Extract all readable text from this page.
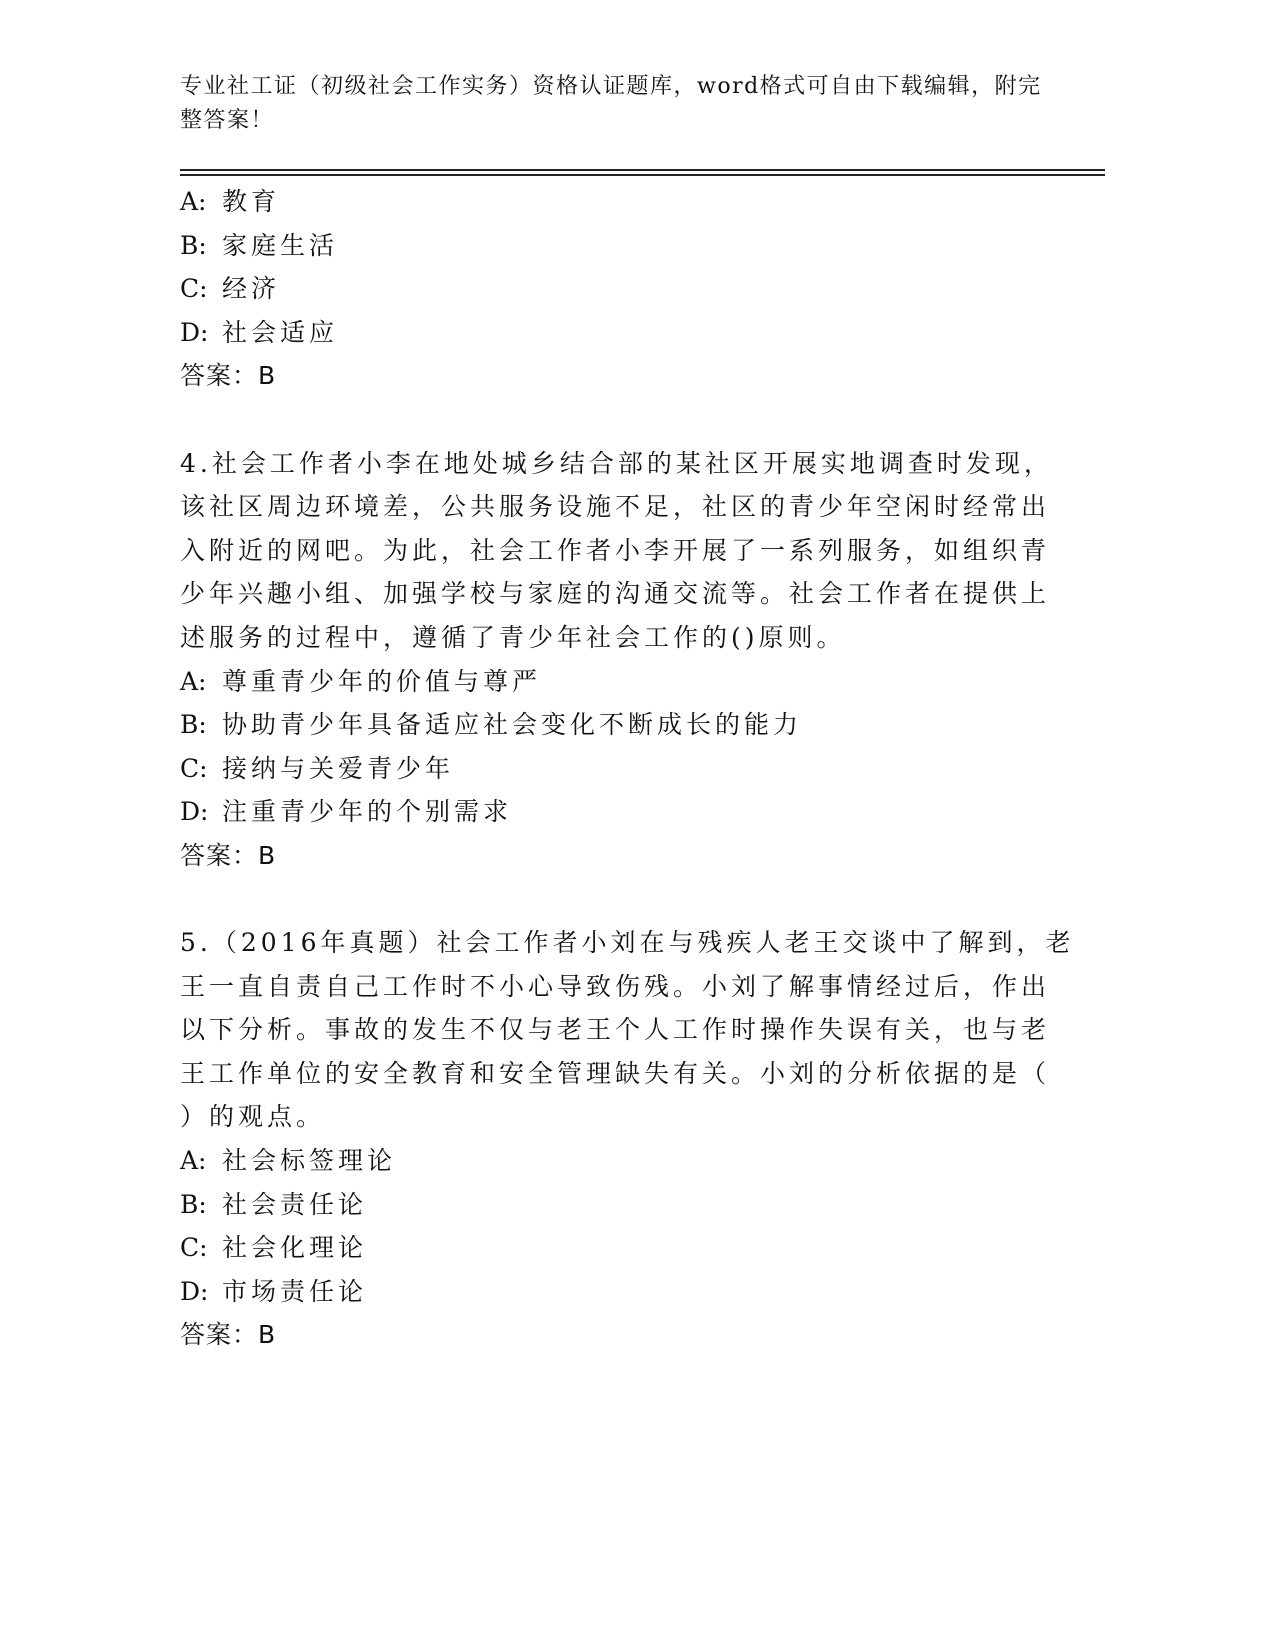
专业社工证（初级社会工作实务）资格认证题库，word格式可自由下载编辑，附完整答案！
A: 教育
B: 家庭生活
C: 经济
D: 社会适应
答案：B
4.社会工作者小李在地处城乡结合部的某社区开展实地调查时发现，
该社区周边环境差，公共服务设施不足，社区的青少年空闲时经常出
入附近的网吧。为此，社会工作者小李开展了一系列服务，如组织青
少年兴趣小组、加强学校与家庭的沟通交流等。社会工作者在提供上
述服务的过程中，遵循了青少年社会工作的()原则。
A: 尊重青少年的价值与尊严
B: 协助青少年具备适应社会变化不断成长的能力
C: 接纳与关爱青少年
D: 注重青少年的个别需求
答案：B
5.（2016年真题）社会工作者小刘在与残疾人老王交谈中了解到，老
王一直自责自己工作时不小心导致伤残。小刘了解事情经过后，作出
以下分析。事故的发生不仅与老王个人工作时操作失误有关，也与老
王工作单位的安全教育和安全管理缺失有关。小刘的分析依据的是（
）的观点。
A: 社会标签理论
B: 社会责任论
C: 社会化理论
D: 市场责任论
答案：B
